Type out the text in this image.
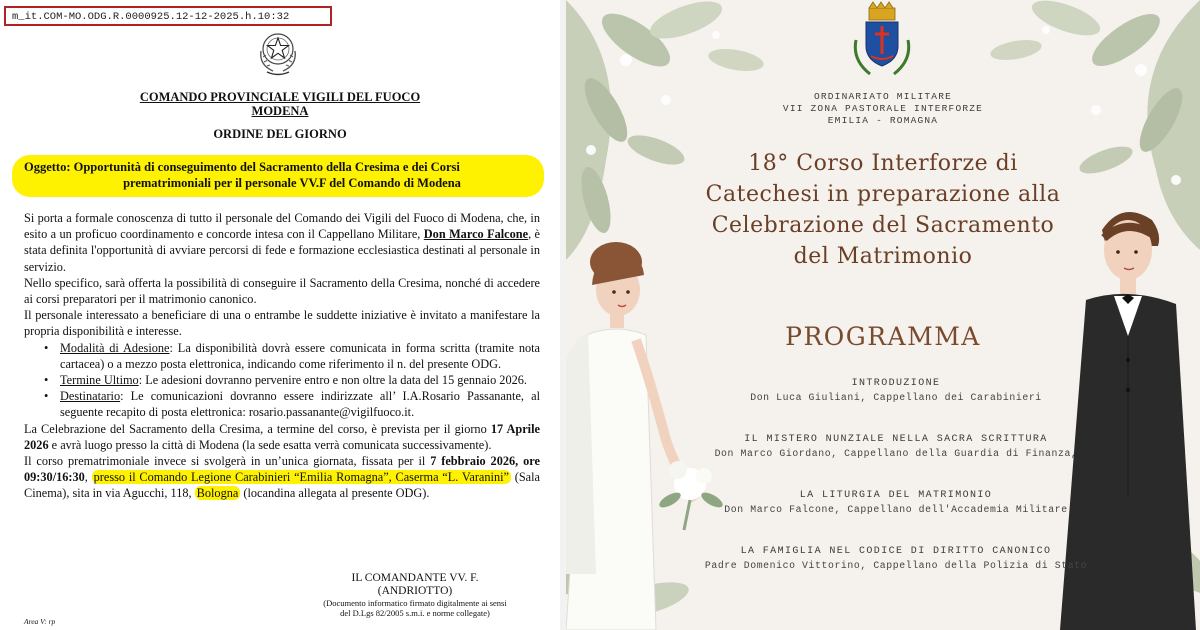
m_it.COM-MO.ODG.R.0000925.12-12-2025.h.10:32
COMANDO PROVINCIALE VIGILI DEL FUOCO
MODENA
ORDINE DEL GIORNO
Oggetto: Opportunità di conseguimento del Sacramento della Cresima e dei Corsi
prematrimoniali per il personale VV.F del Comando di Modena

Si porta a formale conoscenza di tutto il personale del Comando dei Vigili del Fuoco di Modena, che, in esito a un proficuo coordinamento e concorde intesa con il Cappellano Militare, Don Marco Falcone, è stata definita l'opportunità di avviare percorsi di fede e formazione ecclesiastica destinati al personale in servizio.

Nello specifico, sarà offerta la possibilità di conseguire il Sacramento della Cresima, nonché di accedere ai corsi preparatori per il matrimonio canonico.

Il personale interessato a beneficiare di una o entrambe le suddette iniziative è invitato a manifestare la propria disponibilità e interesse.

• Modalità di Adesione: La disponibilità dovrà essere comunicata in forma scritta (tramite nota cartacea) o a mezzo posta elettronica, indicando come riferimento il n. del presente ODG.
• Termine Ultimo: Le adesioni dovranno pervenire entro e non oltre la data del 15 gennaio 2026.
• Destinatario: Le comunicazioni dovranno essere indirizzate all’ I.A.Rosario Passanante, al seguente recapito di posta elettronica: rosario.passanante@vigilfuoco.it.

La Celebrazione del Sacramento della Cresima, a termine del corso, è prevista per il giorno 17 Aprile 2026 e avrà luogo presso la città di Modena (la sede esatta verrà comunicata successivamente).

Il corso prematrimoniale invece si svolgerà in un’unica giornata, fissata per il 7 febbraio 2026, ore 09:30/16:30, presso il Comando Legione Carabinieri “Emilia Romagna”, Caserma “L. Varanini” (Sala Cinema), sita in via Agucchi, 118, Bologna (locandina allegata al presente ODG).

IL COMANDANTE VV. F.
(ANDRIOTTO)
(Documento informatico firmato digitalmente ai sensi
del D.Lgs 82/2005 s.m.i. e norme collegate)
Area V: rp
ORDINARIATO MILITARE
VII ZONA PASTORALE INTERFORZE
EMILIA - ROMAGNA
18° Corso Interforze di
Catechesi in preparazione alla
Celebrazione del Sacramento
del Matrimonio
PROGRAMMA
INTRODUZIONE
Don Luca Giuliani, Cappellano dei Carabinieri
IL MISTERO NUNZIALE NELLA SACRA SCRITTURA
Don Marco Giordano, Cappellano della Guardia di Finanza,
LA LITURGIA DEL MATRIMONIO
Don Marco Falcone, Cappellano dell'Accademia Militare
LA FAMIGLIA NEL CODICE DI DIRITTO CANONICO
Padre Domenico Vittorino, Cappellano della Polizia di Stato
